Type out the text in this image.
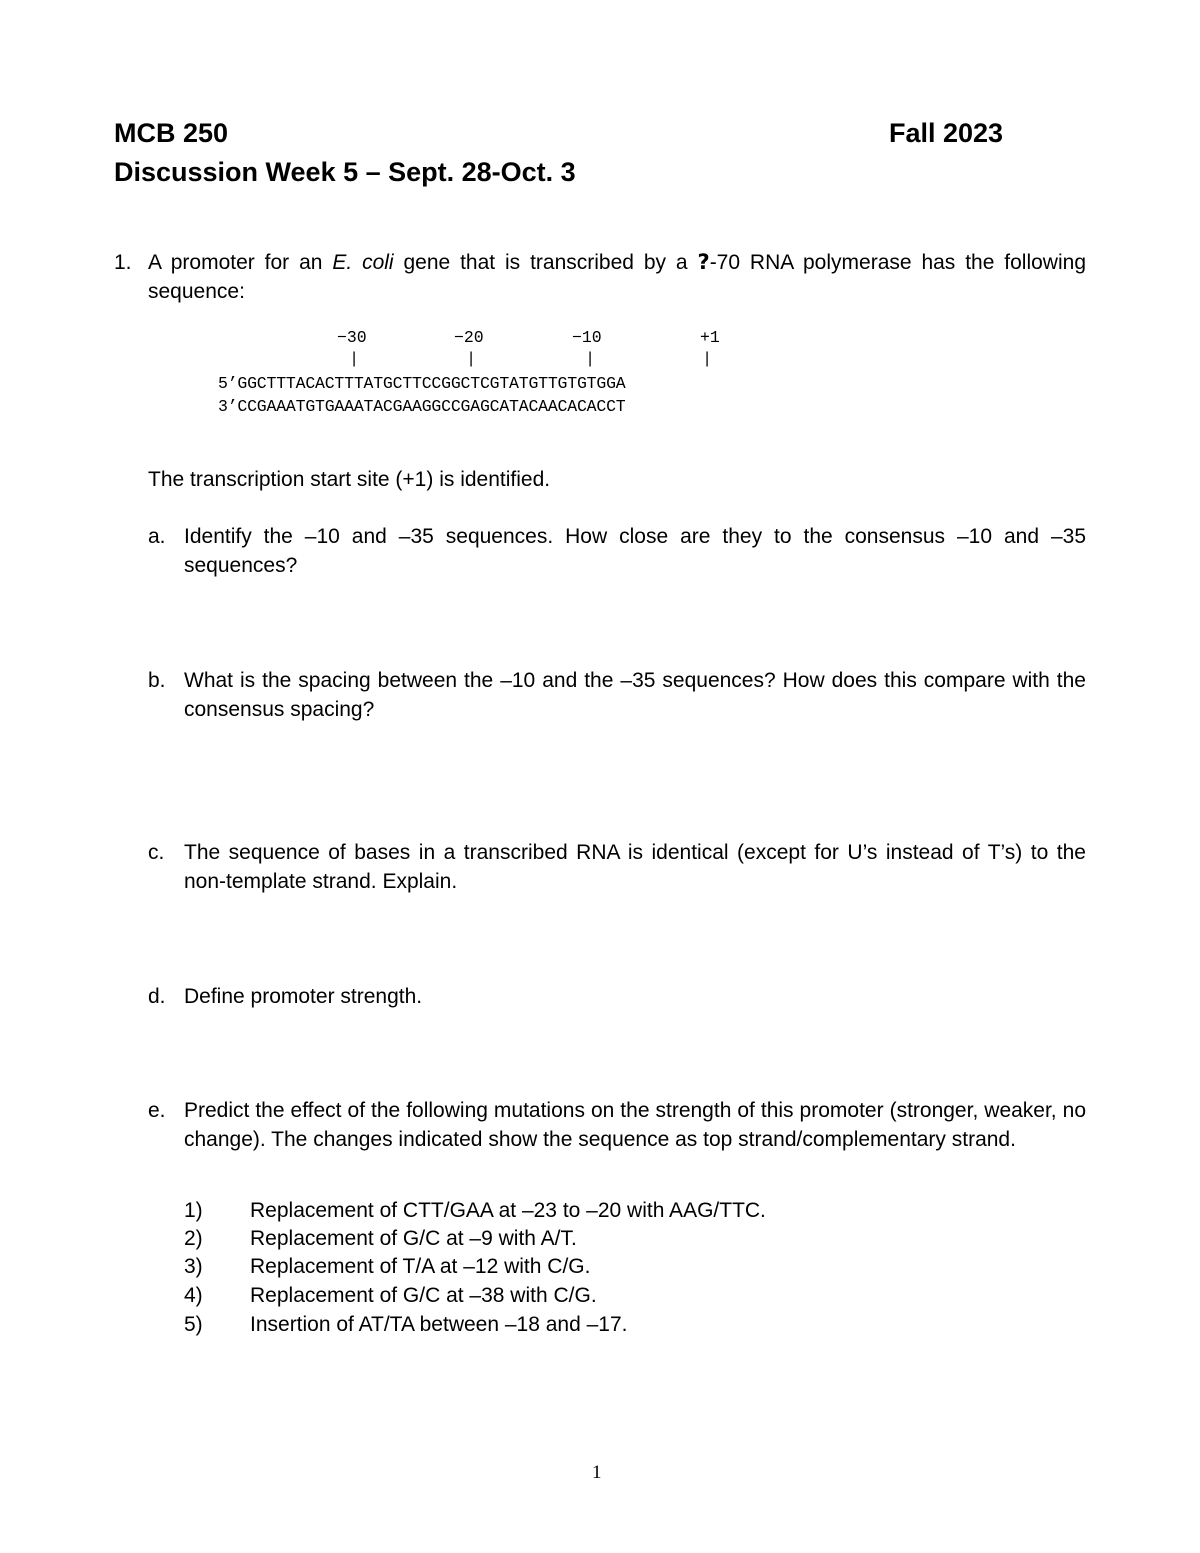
MCB 250	Fall 2023
Discussion Week 5 – Sept. 28-Oct. 3
1. A promoter for an E. coli gene that is transcribed by a ?-70 RNA polymerase has the following sequence:
−30	−20	−10	+1
|	|	|	|
5’GGCTTTACACTTTATGCTTCCGGCTCGTATGTTGTGTGGA
3’CCGAAATGTGAAATACGAAGGCCGAGCATACAACACACCT
The transcription start site (+1) is identified.
a. Identify the –10 and –35 sequences. How close are they to the consensus –10 and –35 sequences?
b. What is the spacing between the –10 and the –35 sequences? How does this compare with the consensus spacing?
c. The sequence of bases in a transcribed RNA is identical (except for U’s instead of T’s) to the non-template strand. Explain.
d. Define promoter strength.
e. Predict the effect of the following mutations on the strength of this promoter (stronger, weaker, no change). The changes indicated show the sequence as top strand/complementary strand.
1) Replacement of CTT/GAA at –23 to –20 with AAG/TTC.
2) Replacement of G/C at –9 with A/T.
3) Replacement of T/A at –12 with C/G.
4) Replacement of G/C at –38 with C/G.
5) Insertion of AT/TA between –18 and –17.
1
